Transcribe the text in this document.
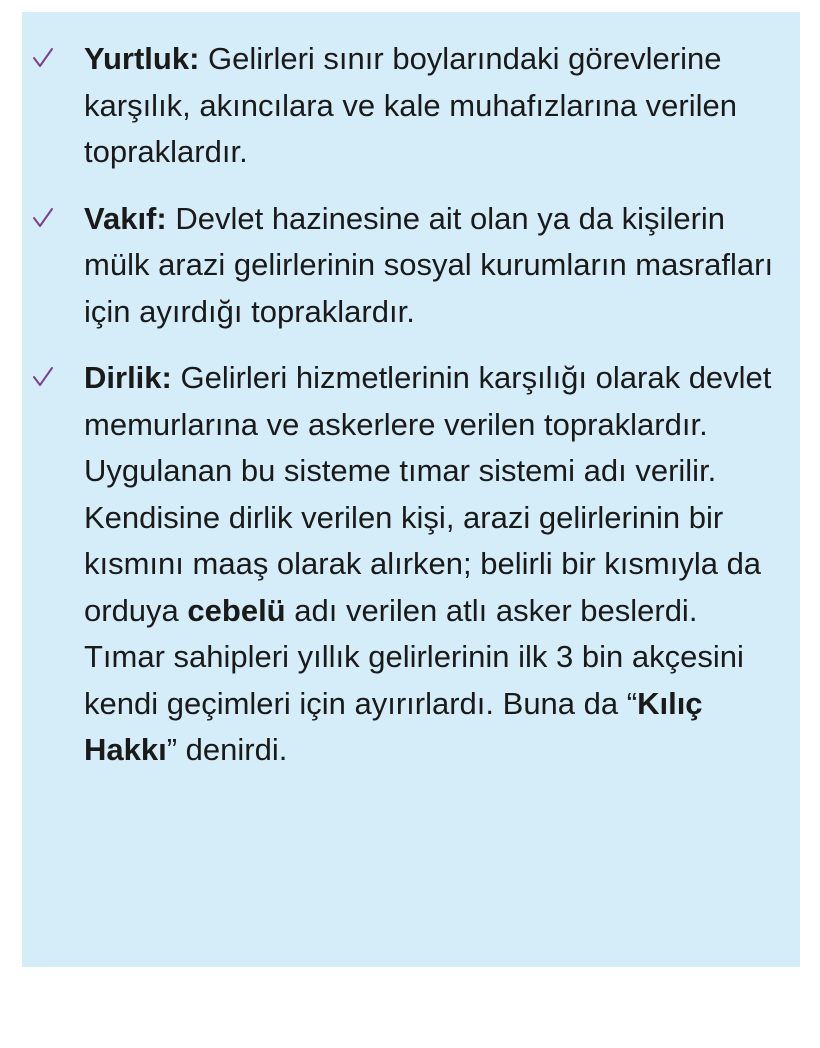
Yurtluk: Gelirleri sınır boylarındaki görevlerine karşılık, akıncılara ve kale muhafızlarına verilen topraklardır.
Vakıf: Devlet hazinesine ait olan ya da kişilerin mülk arazi gelirlerinin sosyal kurumların masrafları için ayırdığı topraklardır.
Dirlik: Gelirleri hizmetlerinin karşılığı olarak devlet memurlarına ve askerlere verilen topraklardır. Uygulanan bu sisteme tımar sistemi adı verilir. Kendisine dirlik verilen kişi, arazi gelirlerinin bir kısmını maaş olarak alırken; belirli bir kısmıyla da orduya cebelü adı verilen atlı asker beslerdi. Tımar sahipleri yıllık gelirlerinin ilk 3 bin akçesini kendi geçimleri için ayırırlardı. Buna da “Kılıç Hakkı” denirdi.
